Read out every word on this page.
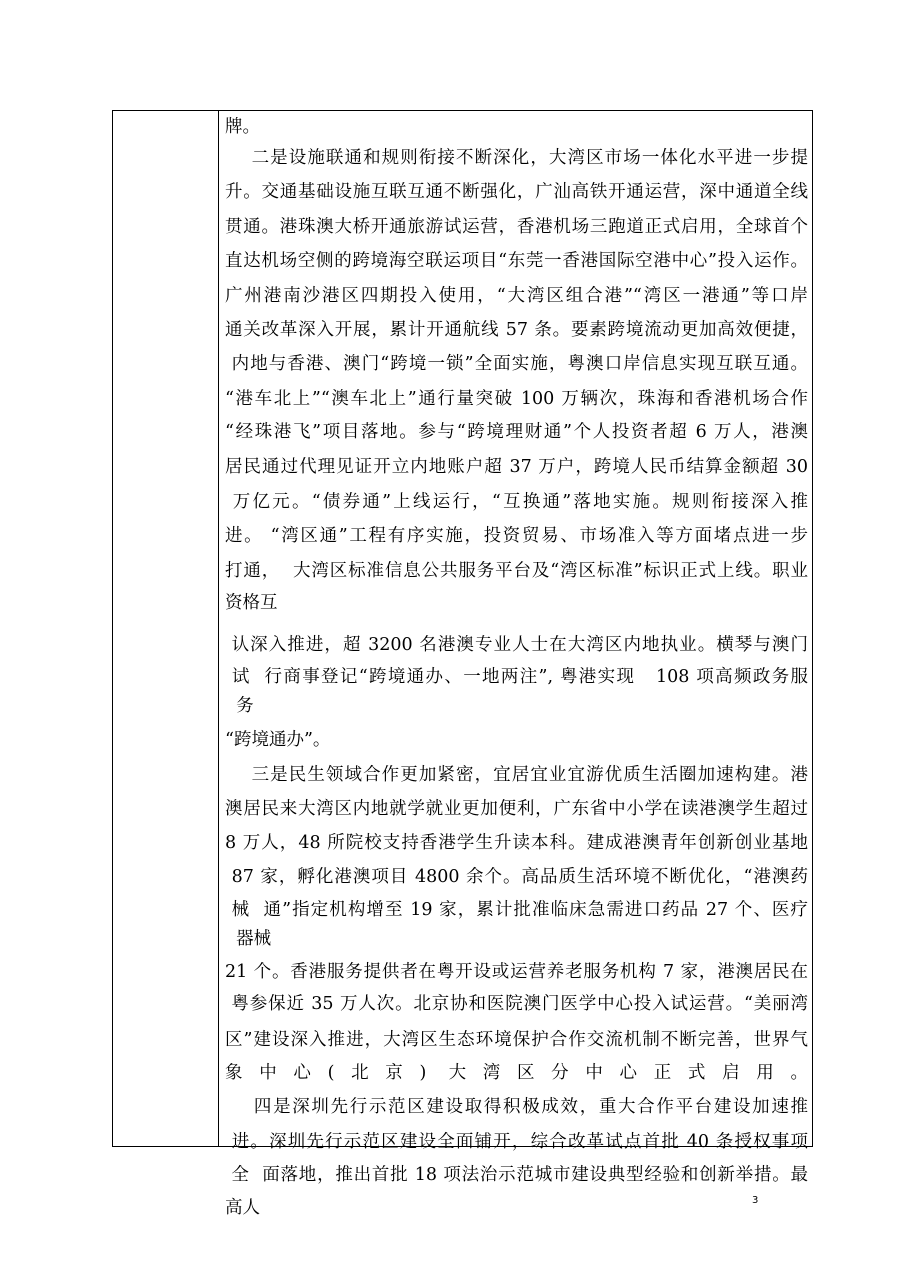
牌。
二是设施联通和规则衔接不断深化，大湾区市场一体化水平进一步提
升。交通基础设施互联互通不断强化，广汕高铁开通运营，深中通道全线
贯通。港珠澳大桥开通旅游试运营，香港机场三跑道正式启用，全球首个
直达机场空侧的跨境海空联运项目“东莞一香港国际空港中心”投入运作。
广州港南沙港区四期投入使用，“大湾区组合港”“湾区一港通”等口岸
通关改革深入开展，累计开通航线 57 条。要素跨境流动更加高效便捷，
内地与香港、澳门“跨境一锁”全面实施，粤澳口岸信息实现互联互通。
“港车北上”“澳车北上”通行量突破 100 万辆次，珠海和香港机场合作
“经珠港飞”项目落地。参与“跨境理财通”个人投资者超 6 万人，港澳
居民通过代理见证开立内地账户超 37 万户，跨境人民币结算金额超 30
万亿元。“债券通”上线运行，“互换通”落地实施。规则衔接深入推
进。 “湾区通”工程有序实施，投资贸易、市场准入等方面堵点进一步
打通，  大湾区标准信息公共服务平台及“湾区标准”标识正式上线。职业
资格互
认深入推进，超 3200 名港澳专业人士在大湾区内地执业。横琴与澳门
试  行商事登记“跨境通办、一地两注”, 粤港实现   108 项高频政务服
务
“跨境通办”。
三是民生领域合作更加紧密，宜居宜业宜游优质生活圈加速构建。港
澳居民来大湾区内地就学就业更加便利，广东省中小学在读港澳学生超过
8 万人，48 所院校支持香港学生升读本科。建成港澳青年创新创业基地
87 家，孵化港澳项目 4800 余个。高品质生活环境不断优化，“港澳药
械  通”指定机构增至 19 家，累计批准临床急需进口药品 27 个、医疗
器械
21 个。香港服务提供者在粤开设或运营养老服务机构 7 家，港澳居民在
粤参保近 35 万人次。北京协和医院澳门医学中心投入试运营。“美丽湾
区”建设深入推进，大湾区生态环境保护合作交流机制不断完善，世界气
象中心(北京) 大湾区分中心正式启用。
四是深圳先行示范区建设取得积极成效，重大合作平台建设加速推
进。深圳先行示范区建设全面铺开，综合改革试点首批 40 条授权事项
全  面落地，推出首批 18 项法治示范城市建设典型经验和创新举措。最
高人	3
